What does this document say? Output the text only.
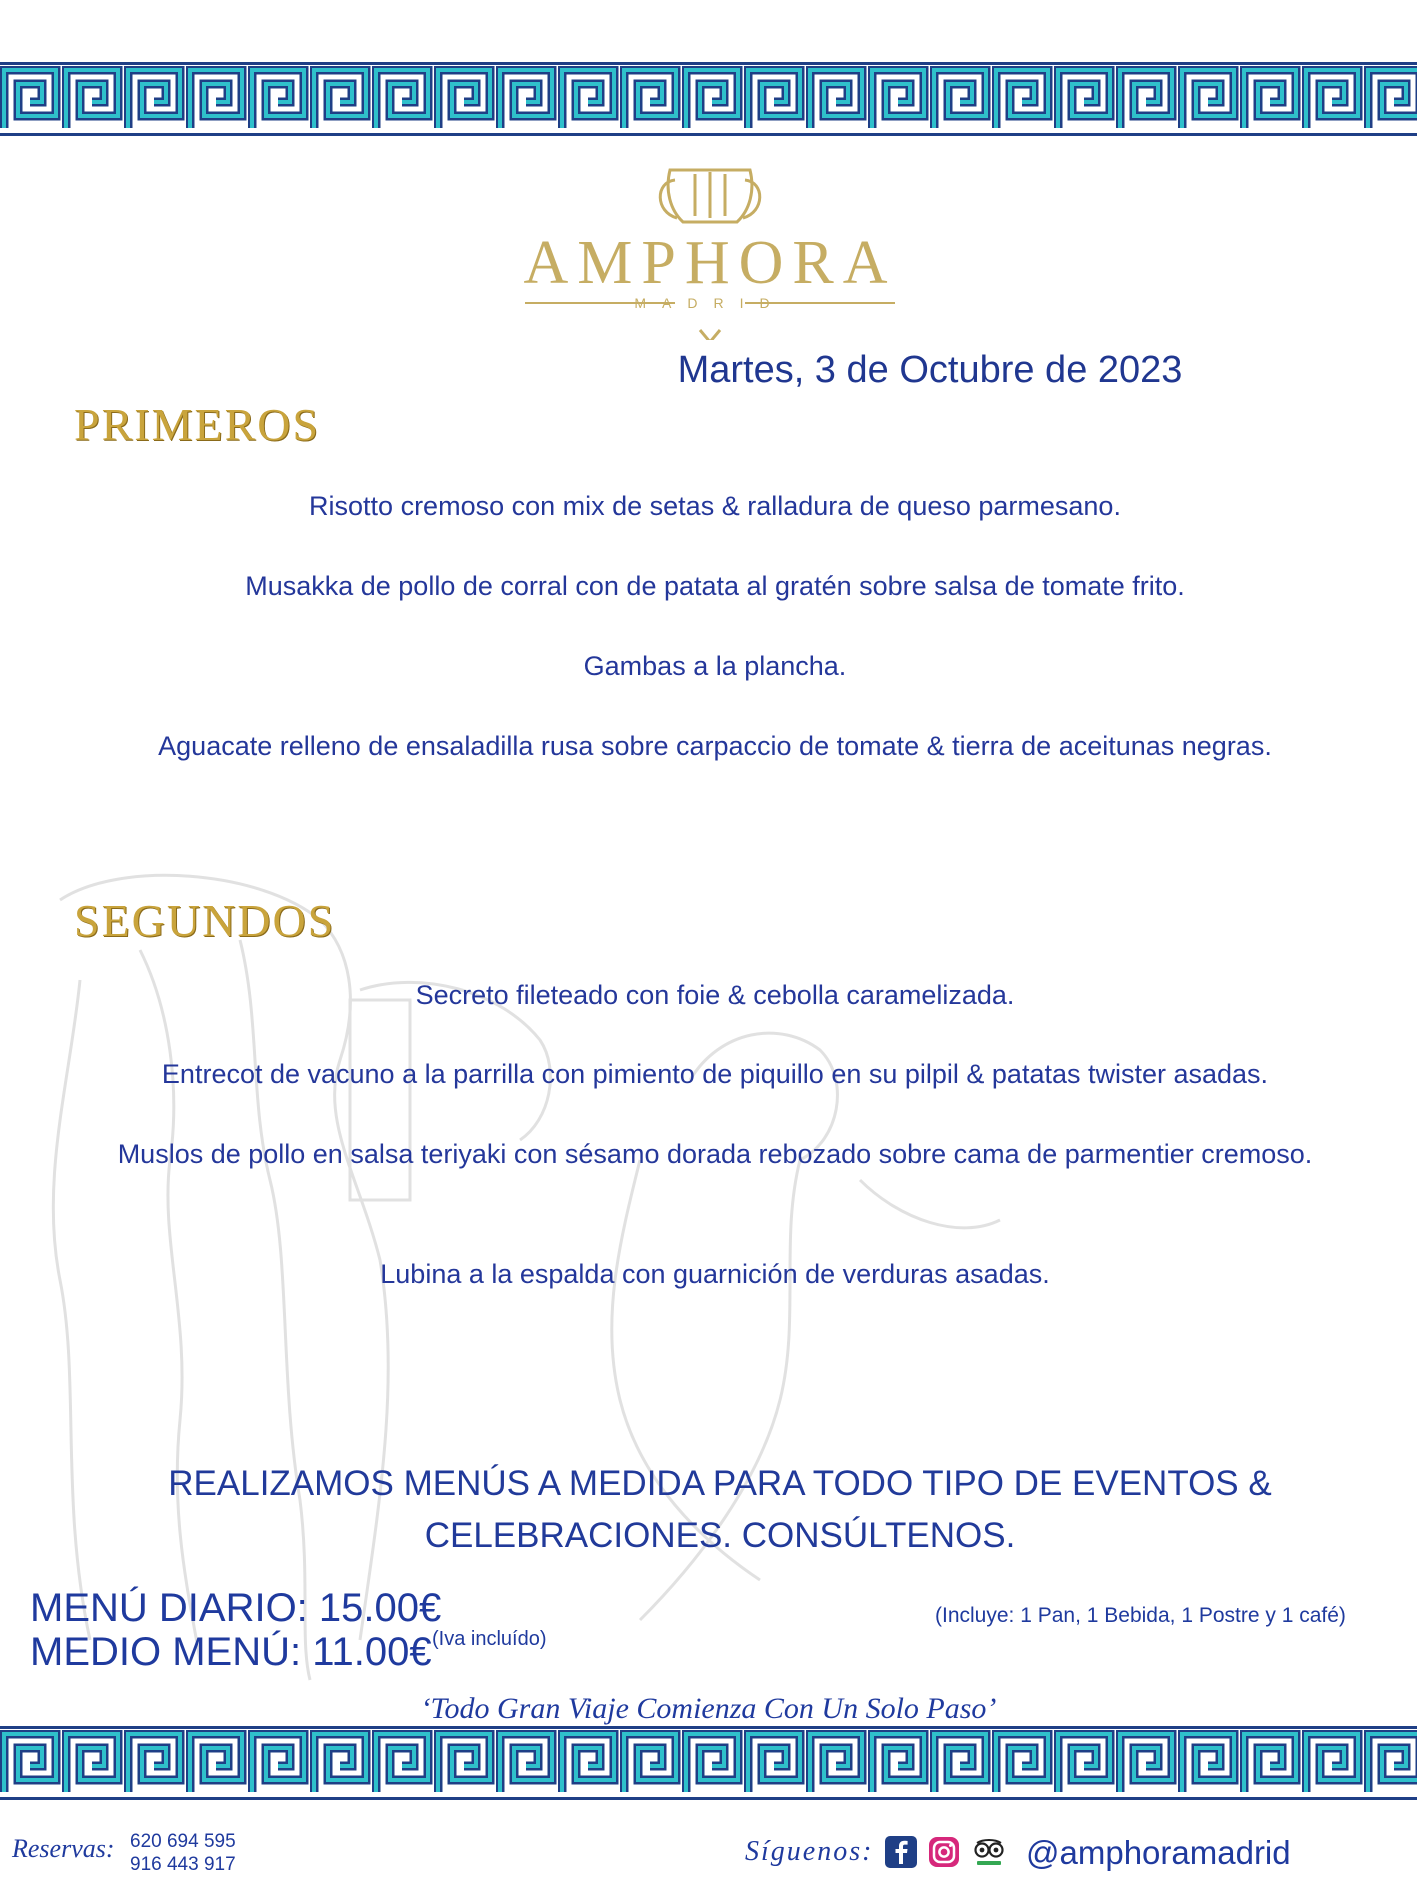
AMPHORA
MADRID
Martes, 3 de Octubre de 2023
PRIMEROS
Risotto cremoso con mix de setas & ralladura de queso parmesano.
Musakka de pollo de corral con de patata al gratén sobre salsa de tomate frito.
Gambas a la plancha.
Aguacate relleno de ensaladilla rusa sobre carpaccio de tomate & tierra de aceitunas negras.
SEGUNDOS
Secreto fileteado con foie & cebolla caramelizada.
Entrecot de vacuno a la parrilla con pimiento de piquillo en su pilpil & patatas twister asadas.
Muslos de pollo en salsa teriyaki con sésamo dorada rebozado sobre cama de parmentier cremoso.
Lubina a la espalda con guarnición de verduras asadas.
REALIZAMOS MENÚS A MEDIDA PARA TODO TIPO DE EVENTOS & CELEBRACIONES. CONSÚLTENOS.
MENÚ DIARIO: 15.00€
MEDIO MENÚ: 11.00€ (Iva incluído)
(Incluye: 1 Pan, 1 Bebida, 1 Postre y 1 café)
‘Todo Gran Viaje Comienza Con Un Solo Paso’
Reservas: 620 694 595
916 443 917	Síguenos:	@amphoramadrid
